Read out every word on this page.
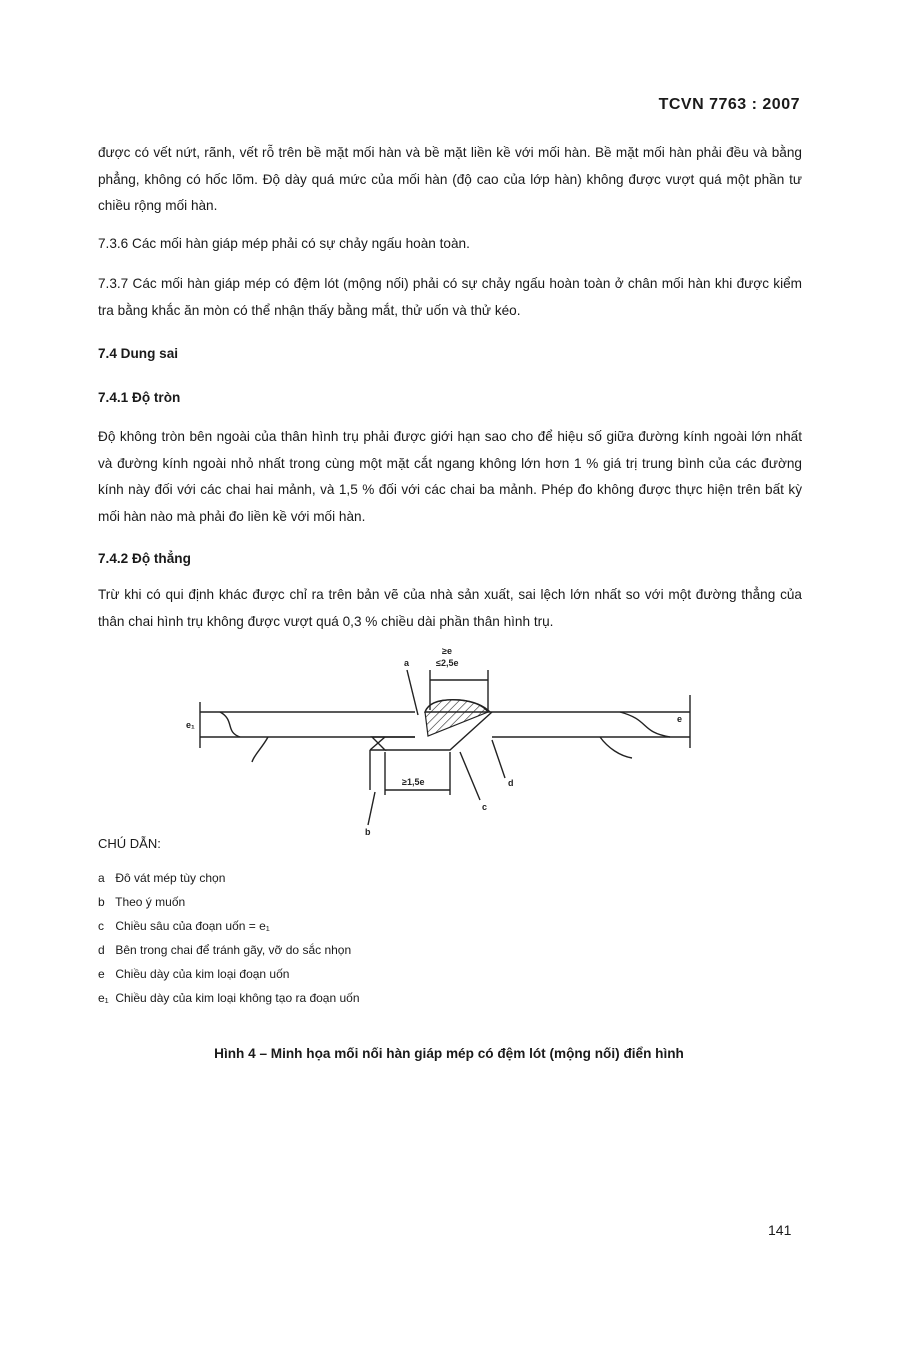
TCVN 7763 : 2007

được có vết nứt, rãnh, vết rỗ trên bề mặt mối hàn và bề mặt liền kề với mối hàn. Bề mặt mối hàn phải đều và bằng phẳng, không có hốc lõm. Độ dày quá mức của mối hàn (độ cao của lớp hàn) không được vượt quá một phần tư chiều rộng mối hàn.

7.3.6 Các mối hàn giáp mép phải có sự chảy ngấu hoàn toàn.

7.3.7 Các mối hàn giáp mép có đệm lót (mộng nối) phải có sự chảy ngấu hoàn toàn ở chân mối hàn khi được kiểm tra bằng khắc ăn mòn có thể nhận thấy bằng mắt, thử uốn và thử kéo.

7.4 Dung sai
7.4.1 Độ tròn

Độ không tròn bên ngoài của thân hình trụ phải được giới hạn sao cho để hiệu số giữa đường kính ngoài lớn nhất và đường kính ngoài nhỏ nhất trong cùng một mặt cắt ngang không lớn hơn 1 % giá trị trung bình của các đường kính này đối với các chai hai mảnh, và 1,5 % đối với các chai ba mảnh. Phép đo không được thực hiện trên bất kỳ mối hàn nào mà phải đo liền kề với mối hàn.

7.4.2 Độ thẳng

Trừ khi có qui định khác được chỉ ra trên bản vẽ của nhà sản xuất, sai lệch lớn nhất so với một đường thẳng của thân chai hình trụ không được vượt quá 0,3 % chiều dài phần thân hình trụ.

≥e
≤2,5e
≥1,5e
a
b
c
d
e
e₁
CHÚ DẪN:
a Đô vát mép tùy chọn
b Theo ý muốn
c Chiều sâu của đoạn uốn = e₁
d Bên trong chai để tránh gãy, vỡ do sắc nhọn
e Chiều dày của kim loại đoạn uốn
e₁ Chiều dày của kim loại không tạo ra đoạn uốn
Hình 4 – Minh họa mối nối hàn giáp mép có đệm lót (mộng nối) điển hình
141
